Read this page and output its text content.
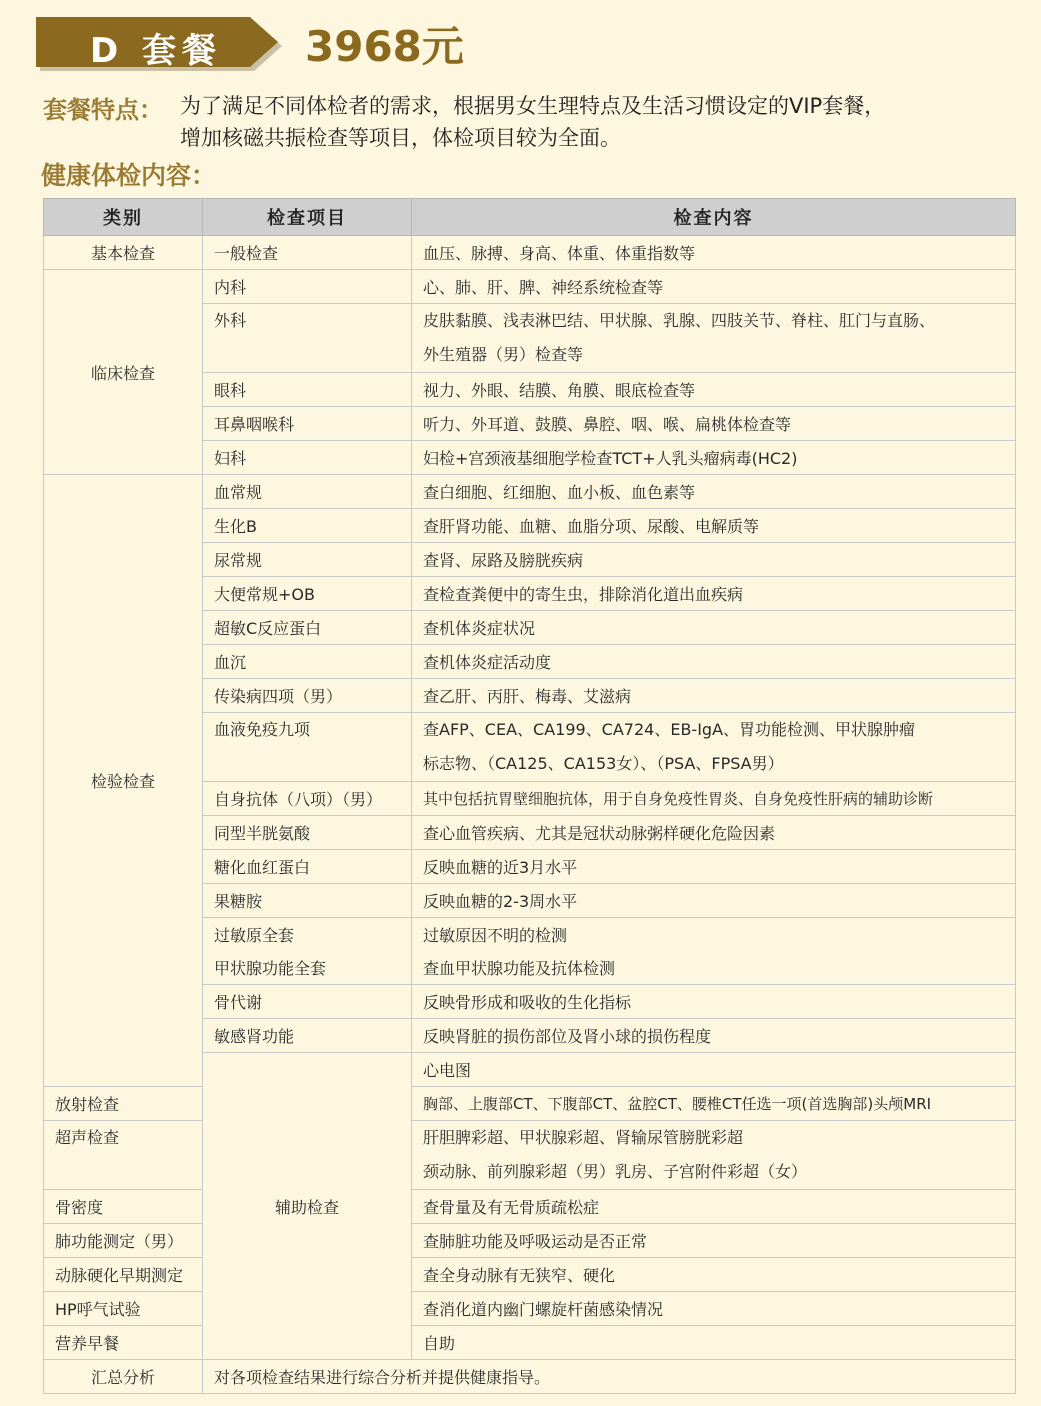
D 套餐 3968元
套餐特点： 为了满足不同体检者的需求，根据男女生理特点及生活习惯设定的VIP套餐，
增加核磁共振检查等项目，体检项目较为全面。
健康体检内容：
类别	检查项目	检查内容	
基本检查	一般检查	血压、脉搏、身高、体重、体重指数等	
临床检查	内科	心、肺、肝、脾、神经系统检查等	
	外科	皮肤黏膜、浅表淋巴结、甲状腺、乳腺、四肢关节、脊柱、肛门与直肠、
外生殖器（男）检查等	

	眼科	视力、外眼、结膜、角膜、眼底检查等	
	耳鼻咽喉科	听力、外耳道、鼓膜、鼻腔、咽、喉、扁桃体检查等	
	妇科	妇检+宫颈液基细胞学检查TCT+人乳头瘤病毒(HC2)	
检验检查	血常规	查白细胞、红细胞、血小板、血色素等	
	生化B	查肝肾功能、血糖、血脂分项、尿酸、电解质等	
	尿常规	查肾、尿路及膀胱疾病	
	大便常规+OB	查检查粪便中的寄生虫，排除消化道出血疾病	
	超敏C反应蛋白	查机体炎症状况	
	血沉	查机体炎症活动度	
	传染病四项（男）	查乙肝、丙肝、梅毒、艾滋病	
	血液免疫九项	查AFP、CEA、CA199、CA724、EB-IgA、胃功能检测、甲状腺肿瘤
标志物、（CA125、CA153女）、（PSA、FPSA男）	

	自身抗体（八项）（男）	其中包括抗胃壁细胞抗体，用于自身免疫性胃炎、自身免疫性肝病的辅助诊断	
	同型半胱氨酸	查心血管疾病、尤其是冠状动脉粥样硬化危险因素	
	糖化血红蛋白	反映血糖的近3月水平	
	果糖胺	反映血糖的2-3周水平	
	过敏原全套	过敏原因不明的检测	
	甲状腺功能全套	查血甲状腺功能及抗体检测	
	骨代谢	反映骨形成和吸收的生化指标	
	敏感肾功能	反映肾脏的损伤部位及肾小球的损伤程度	
	辅助检查	心电图	
放射检查		胸部、上腹部CT、下腹部CT、盆腔CT、腰椎CT任选一项(首选胸部)头颅MRI	
超声检查		肝胆脾彩超、甲状腺彩超、肾输尿管膀胱彩超
颈动脉、前列腺彩超（男）乳房、子宫附件彩超（女）	

骨密度		查骨量及有无骨质疏松症	
肺功能测定（男）		查肺脏功能及呼吸运动是否正常	
动脉硬化早期测定		查全身动脉有无狭窄、硬化	
HP呼气试验		查消化道内幽门螺旋杆菌感染情况	
营养早餐		自助	
汇总分析	对各项检查结果进行综合分析并提供健康指导。		
